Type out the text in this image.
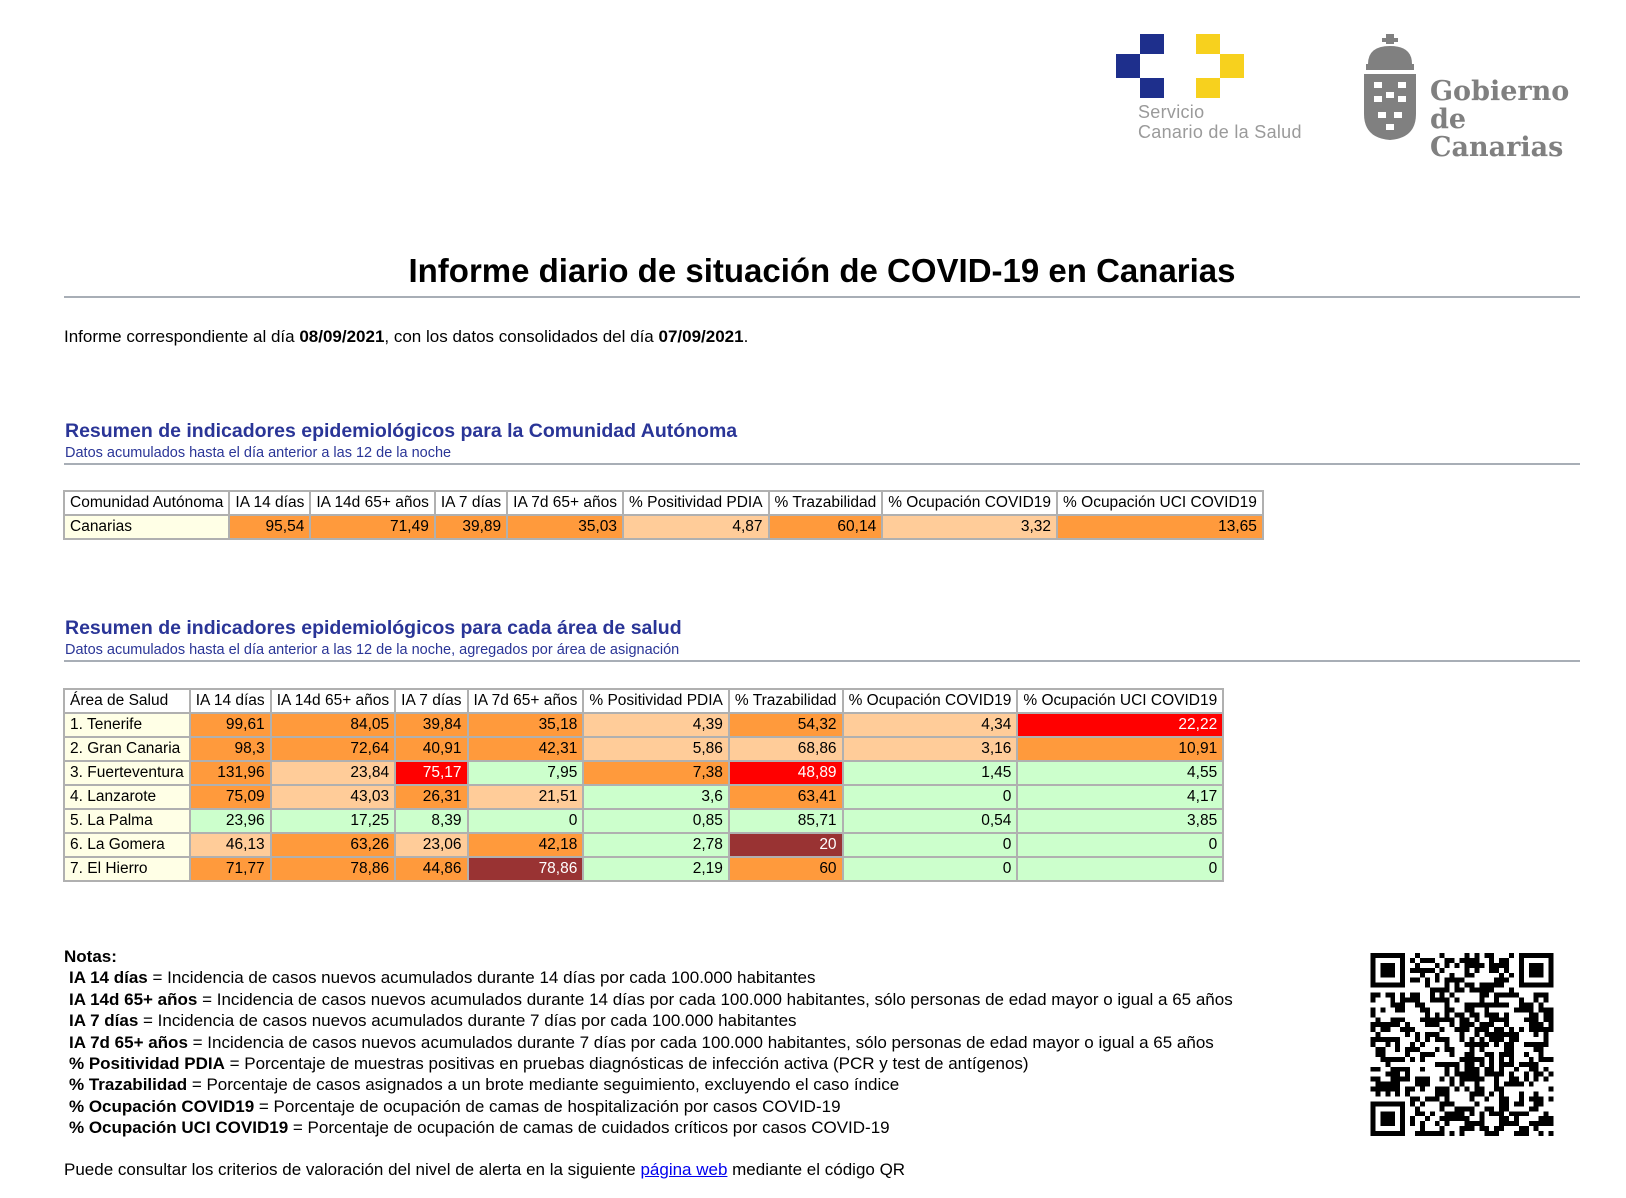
Servicio
Canario de la Salud
Gobierno
de Canarias
Informe diario de situación de COVID-19 en Canarias
Informe correspondiente al día 08/09/2021, con los datos consolidados del día 07/09/2021.
Resumen de indicadores epidemiológicos para la Comunidad Autónoma
Datos acumulados hasta el día anterior a las 12 de la noche
Comunidad Autónoma	IA 14 días	IA 14d 65+ años	IA 7 días	IA 7d 65+ años	% Positividad PDIA	% Trazabilidad	% Ocupación COVID19	% Ocupación UCI COVID19
Canarias	95,54	71,49	39,89	35,03	4,87	60,14	3,32	13,65
Resumen de indicadores epidemiológicos para cada área de salud
Datos acumulados hasta el día anterior a las 12 de la noche, agregados por área de asignación
Área de Salud	IA 14 días	IA 14d 65+ años	IA 7 días	IA 7d 65+ años	% Positividad PDIA	% Trazabilidad	% Ocupación COVID19	% Ocupación UCI COVID19
1. Tenerife	99,61	84,05	39,84	35,18	4,39	54,32	4,34	22,22
2. Gran Canaria	98,3	72,64	40,91	42,31	5,86	68,86	3,16	10,91
3. Fuerteventura	131,96	23,84	75,17	7,95	7,38	48,89	1,45	4,55
4. Lanzarote	75,09	43,03	26,31	21,51	3,6	63,41	0	4,17
5. La Palma	23,96	17,25	8,39	0	0,85	85,71	0,54	3,85
6. La Gomera	46,13	63,26	23,06	42,18	2,78	20	0	0
7. El Hierro	71,77	78,86	44,86	78,86	2,19	60	0	0
Notas:
IA 14 días = Incidencia de casos nuevos acumulados durante 14 días por cada 100.000 habitantes
IA 14d 65+ años = Incidencia de casos nuevos acumulados durante 14 días por cada 100.000 habitantes, sólo personas de edad mayor o igual a 65 años
IA 7 días = Incidencia de casos nuevos acumulados durante 7 días por cada 100.000 habitantes
IA 7d 65+ años = Incidencia de casos nuevos acumulados durante 7 días por cada 100.000 habitantes, sólo personas de edad mayor o igual a 65 años
% Positividad PDIA = Porcentaje de muestras positivas en pruebas diagnósticas de infección activa (PCR y test de antígenos)
% Trazabilidad = Porcentaje de casos asignados a un brote mediante seguimiento, excluyendo el caso índice
% Ocupación COVID19 = Porcentaje de ocupación de camas de hospitalización por casos COVID-19
% Ocupación UCI COVID19 = Porcentaje de ocupación de camas de cuidados críticos por casos COVID-19
Puede consultar los criterios de valoración del nivel de alerta en la siguiente página web mediante el código QR
